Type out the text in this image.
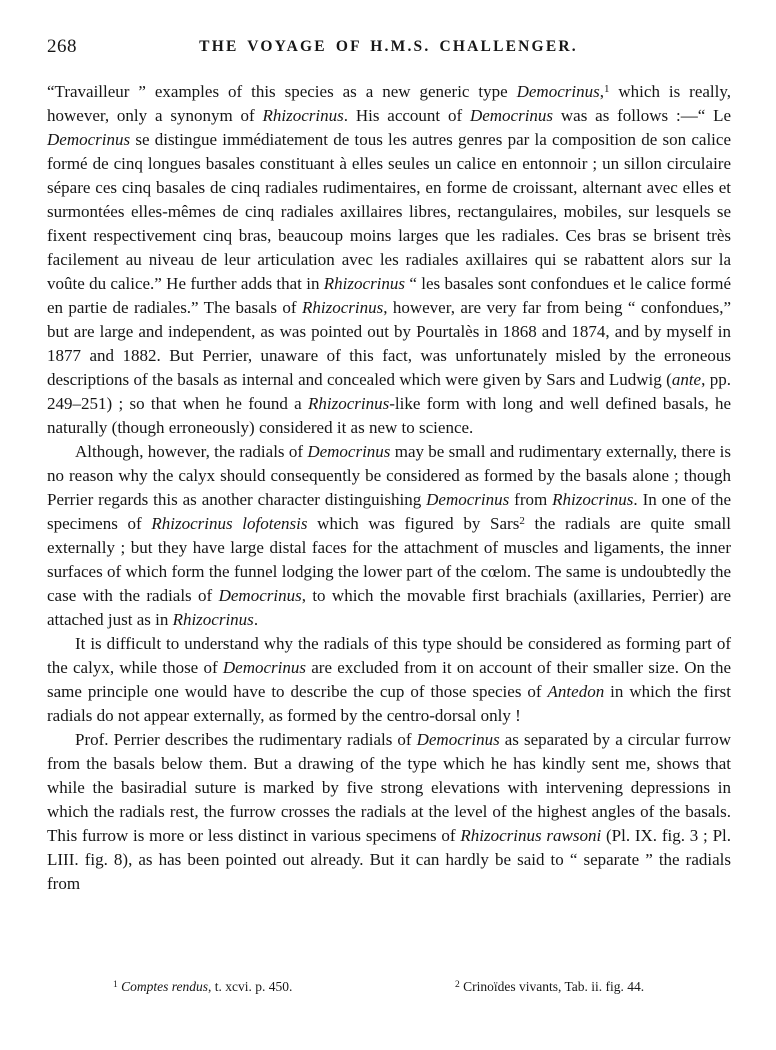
268	THE VOYAGE OF H.M.S. CHALLENGER.

“Travailleur ” examples of this species as a new generic type Democrinus,$^1$ which is really, however, only a synonym of Rhizocrinus. His account of Democrinus was as follows :—“ Le Democrinus se distingue immédiatement de tous les autres genres par la composition de son calice formé de cinq longues basales constituant à elles seules un calice en entonnoir ; un sillon circulaire sépare ces cinq basales de cinq radiales rudimentaires, en forme de croissant, alternant avec elles et surmontées elles-mêmes de cinq radiales axillaires libres, rectangulaires, mobiles, sur lesquels se fixent respectivement cinq bras, beaucoup moins larges que les radiales. Ces bras se brisent très facilement au niveau de leur articulation avec les radiales axillaires qui se rabattent alors sur la voûte du calice.” He further adds that in Rhizocrinus “ les basales sont confondues et le calice formé en partie de radiales.” The basals of Rhizocrinus, however, are very far from being “ confondues,” but are large and independent, as was pointed out by Pourtalès in 1868 and 1874, and by myself in 1877 and 1882. But Perrier, unaware of this fact, was unfortunately misled by the erroneous descriptions of the basals as internal and concealed which were given by Sars and Ludwig (ante, pp. 249–251) ; so that when he found a Rhizocrinus-like form with long and well defined basals, he naturally (though erroneously) considered it as new to science.

Although, however, the radials of Democrinus may be small and rudimentary externally, there is no reason why the calyx should consequently be considered as formed by the basals alone ; though Perrier regards this as another character distinguishing Democrinus from Rhizocrinus. In one of the specimens of Rhizocrinus lofotensis which was figured by Sars$^2$ the radials are quite small externally ; but they have large distal faces for the attachment of muscles and ligaments, the inner surfaces of which form the funnel lodging the lower part of the cœlom. The same is undoubtedly the case with the radials of Democrinus, to which the movable first brachials (axillaries, Perrier) are attached just as in Rhizocrinus.

It is difficult to understand why the radials of this type should be considered as forming part of the calyx, while those of Democrinus are excluded from it on account of their smaller size. On the same principle one would have to describe the cup of those species of Antedon in which the first radials do not appear externally, as formed by the centro-dorsal only !

Prof. Perrier describes the rudimentary radials of Democrinus as separated by a circular furrow from the basals below them. But a drawing of the type which he has kindly sent me, shows that while the basiradial suture is marked by five strong elevations with intervening depressions in which the radials rest, the furrow crosses the radials at the level of the highest angles of the basals. This furrow is more or less distinct in various specimens of Rhizocrinus rawsoni (Pl. IX. fig. 3 ; Pl. LIII. fig. 8), as has been pointed out already. But it can hardly be said to “ separate ” the radials from

$^1$ Comptes rendus, t. xcvi. p. 450.	$^2$ Crinoïdes vivants, Tab. ii. fig. 44.
